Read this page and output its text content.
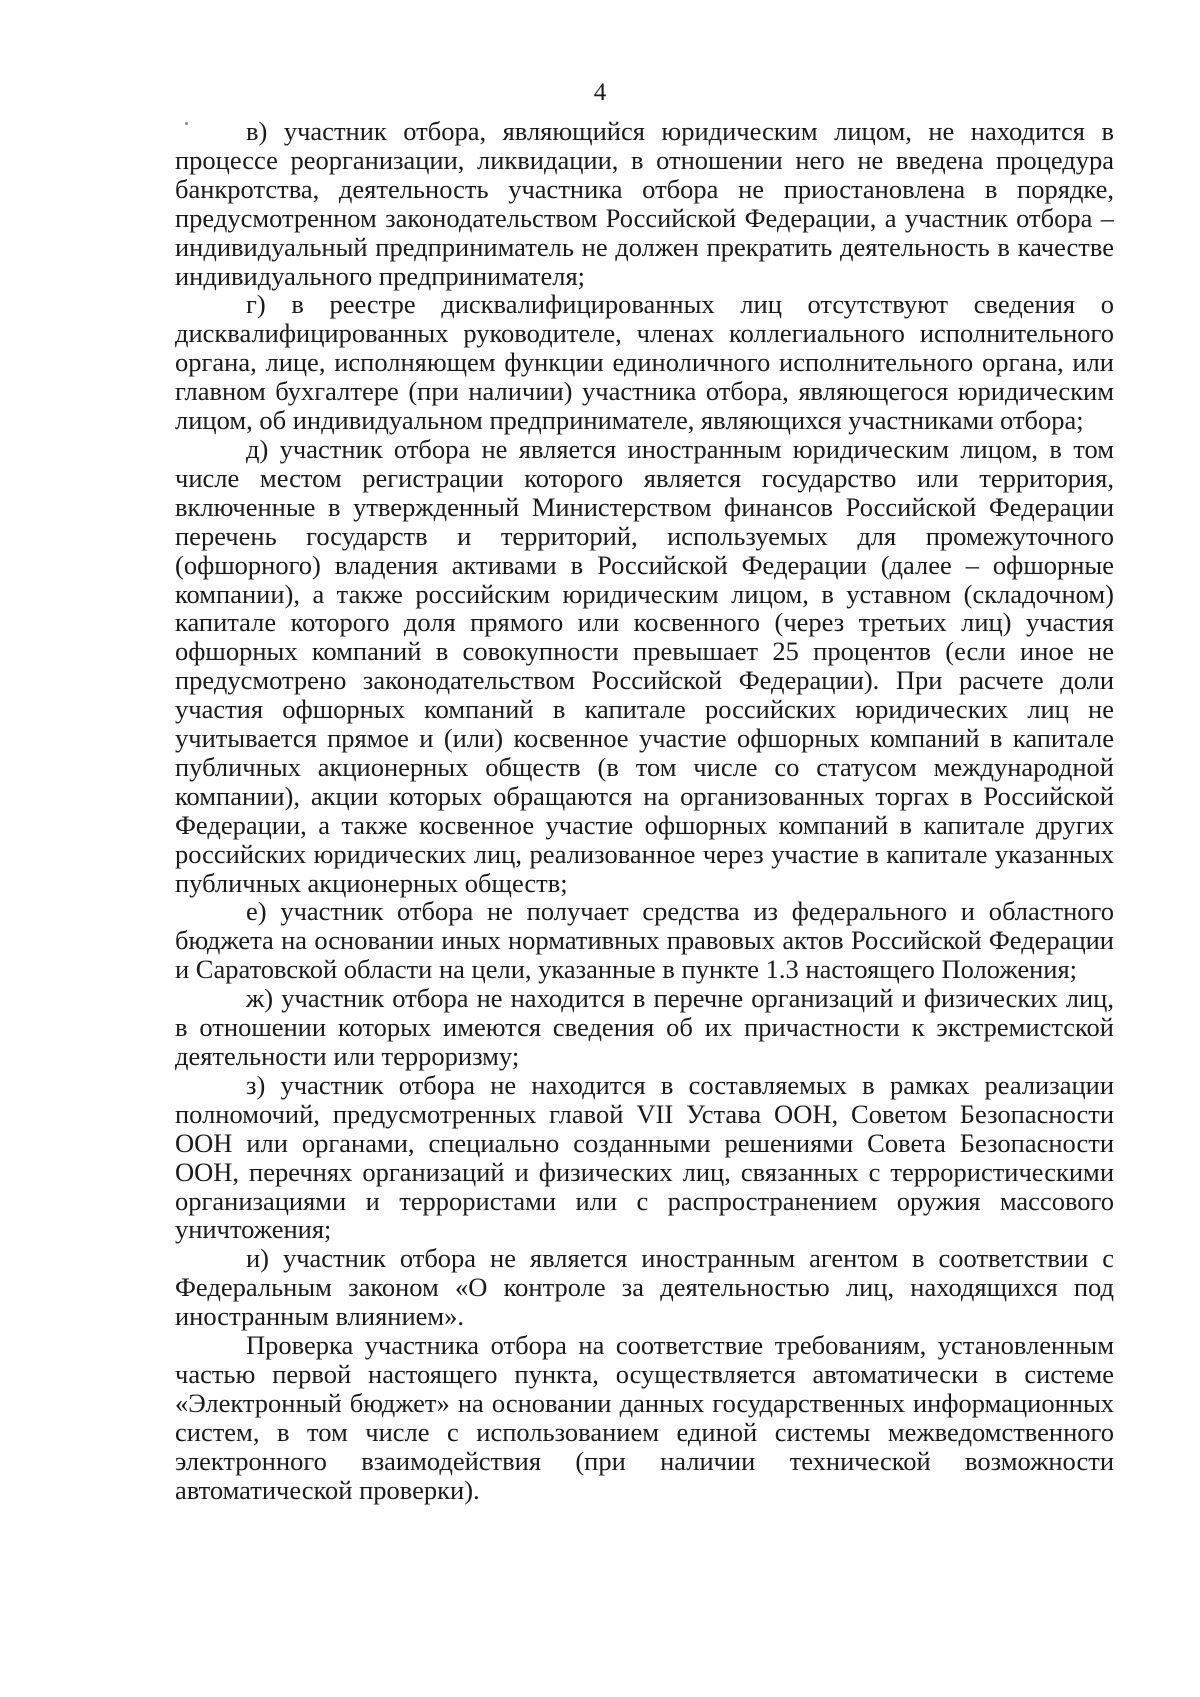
4

в) участник отбора, являющийся юридическим лицом, не находится в процессе реорганизации, ликвидации, в отношении него не введена процедура банкротства, деятельность участника отбора не приостановлена в порядке, предусмотренном законодательством Российской Федерации, а участник отбора – индивидуальный предприниматель не должен прекратить деятельность в качестве индивидуального предпринимателя;

г) в реестре дисквалифицированных лиц отсутствуют сведения о дисквалифицированных руководителе, членах коллегиального исполнительного органа, лице, исполняющем функции единоличного исполнительного органа, или главном бухгалтере (при наличии) участника отбора, являющегося юридическим лицом, об индивидуальном предпринимателе, являющихся участниками отбора;

д) участник отбора не является иностранным юридическим лицом, в том числе местом регистрации которого является государство или территория, включенные в утвержденный Министерством финансов Российской Федерации перечень государств и территорий, используемых для промежуточного (офшорного) владения активами в Российской Федерации (далее – офшорные компании), а также российским юридическим лицом, в уставном (складочном) капитале которого доля прямого или косвенного (через третьих лиц) участия офшорных компаний в совокупности превышает 25 процентов (если иное не предусмотрено законодательством Российской Федерации). При расчете доли участия офшорных компаний в капитале российских юридических лиц не учитывается прямое и (или) косвенное участие офшорных компаний в капитале публичных акционерных обществ (в том числе со статусом международной компании), акции которых обращаются на организованных торгах в Российской Федерации, а также косвенное участие офшорных компаний в капитале других российских юридических лиц, реализованное через участие в капитале указанных публичных акционерных обществ;

е) участник отбора не получает средства из федерального и областного бюджета на основании иных нормативных правовых актов Российской Федерации и Саратовской области на цели, указанные в пункте 1.3 настоящего Положения;

ж) участник отбора не находится в перечне организаций и физических лиц, в отношении которых имеются сведения об их причастности к экстремистской деятельности или терроризму;

з) участник отбора не находится в составляемых в рамках реализации полномочий, предусмотренных главой VII Устава ООН, Советом Безопасности ООН или органами, специально созданными решениями Совета Безопасности ООН, перечнях организаций и физических лиц, связанных с террористическими организациями и террористами или с распространением оружия массового уничтожения;

и) участник отбора не является иностранным агентом в соответствии с Федеральным законом «О контроле за деятельностью лиц, находящихся под иностранным влиянием».

Проверка участника отбора на соответствие требованиям, установленным частью первой настоящего пункта, осуществляется автоматически в системе «Электронный бюджет» на основании данных государственных информационных систем, в том числе с использованием единой системы межведомственного электронного взаимодействия (при наличии технической возможности автоматической проверки).
